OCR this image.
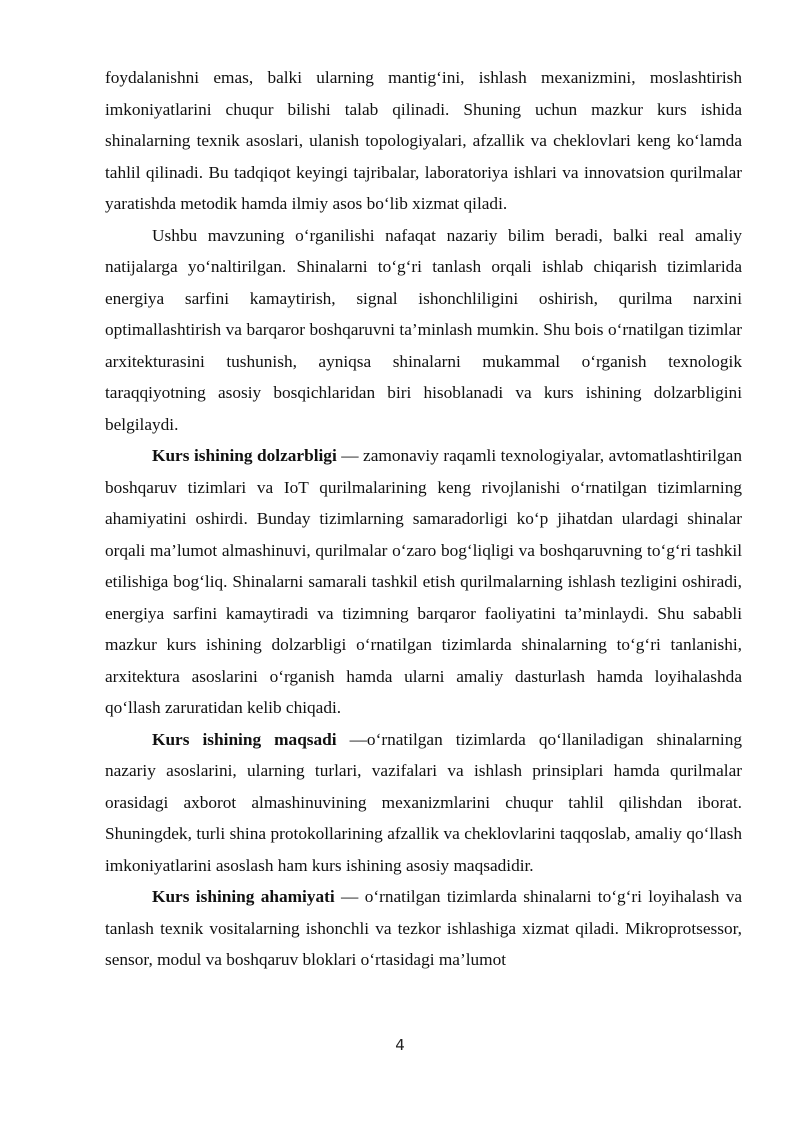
foydalanishni emas, balki ularning mantig‘ini, ishlash mexanizmini, moslashtirish imkoniyatlarini chuqur bilishi talab qilinadi. Shuning uchun mazkur kurs ishida shinalarning texnik asoslari, ulanish topologiyalari, afzallik va cheklovlari keng ko‘lamda tahlil qilinadi. Bu tadqiqot keyingi tajribalar, laboratoriya ishlari va innovatsion qurilmalar yaratishda metodik hamda ilmiy asos bo‘lib xizmat qiladi.

Ushbu mavzuning o‘rganilishi nafaqat nazariy bilim beradi, balki real amaliy natijalarga yo‘naltirilgan. Shinalarni to‘g‘ri tanlash orqali ishlab chiqarish tizimlarida energiya sarfini kamaytirish, signal ishonchliligini oshirish, qurilma narxini optimallashtirish va barqaror boshqaruvni ta’minlash mumkin. Shu bois o‘rnatilgan tizimlar arxitekturasini tushunish, ayniqsa shinalarni mukammal o‘rganish texnologik taraqqiyotning asosiy bosqichlaridan biri hisoblanadi va kurs ishining dolzarbligini belgilaydi.

Kurs ishining dolzarbligi — zamonaviy raqamli texnologiyalar, avtomatlashtirilgan boshqaruv tizimlari va IoT qurilmalarining keng rivojlanishi o‘rnatilgan tizimlarning ahamiyatini oshirdi. Bunday tizimlarning samaradorligi ko‘p jihatdan ulardagi shinalar orqali ma’lumot almashinuvi, qurilmalar o‘zaro bog‘liqligi va boshqaruvning to‘g‘ri tashkil etilishiga bog‘liq. Shinalarni samarali tashkil etish qurilmalarning ishlash tezligini oshiradi, energiya sarfini kamaytiradi va tizimning barqaror faoliyatini ta’minlaydi. Shu sababli mazkur kurs ishining dolzarbligi o‘rnatilgan tizimlarda shinalarning to‘g‘ri tanlanishi, arxitektura asoslarini o‘rganish hamda ularni amaliy dasturlash hamda loyihalashda qo‘llash zaruratidan kelib chiqadi.

Kurs ishining maqsadi —o‘rnatilgan tizimlarda qo‘llaniladigan shinalarning nazariy asoslarini, ularning turlari, vazifalari va ishlash prinsiplari hamda qurilmalar orasidagi axborot almashinuvining mexanizmlarini chuqur tahlil qilishdan iborat. Shuningdek, turli shina protokollarining afzallik va cheklovlarini taqqoslab, amaliy qo‘llash imkoniyatlarini asoslash ham kurs ishining asosiy maqsadidir.

Kurs ishining ahamiyati — o‘rnatilgan tizimlarda shinalarni to‘g‘ri loyihalash va tanlash texnik vositalarning ishonchli va tezkor ishlashiga xizmat qiladi. Mikroprotsessor, sensor, modul va boshqaruv bloklari o‘rtasidagi ma’lumot

4
